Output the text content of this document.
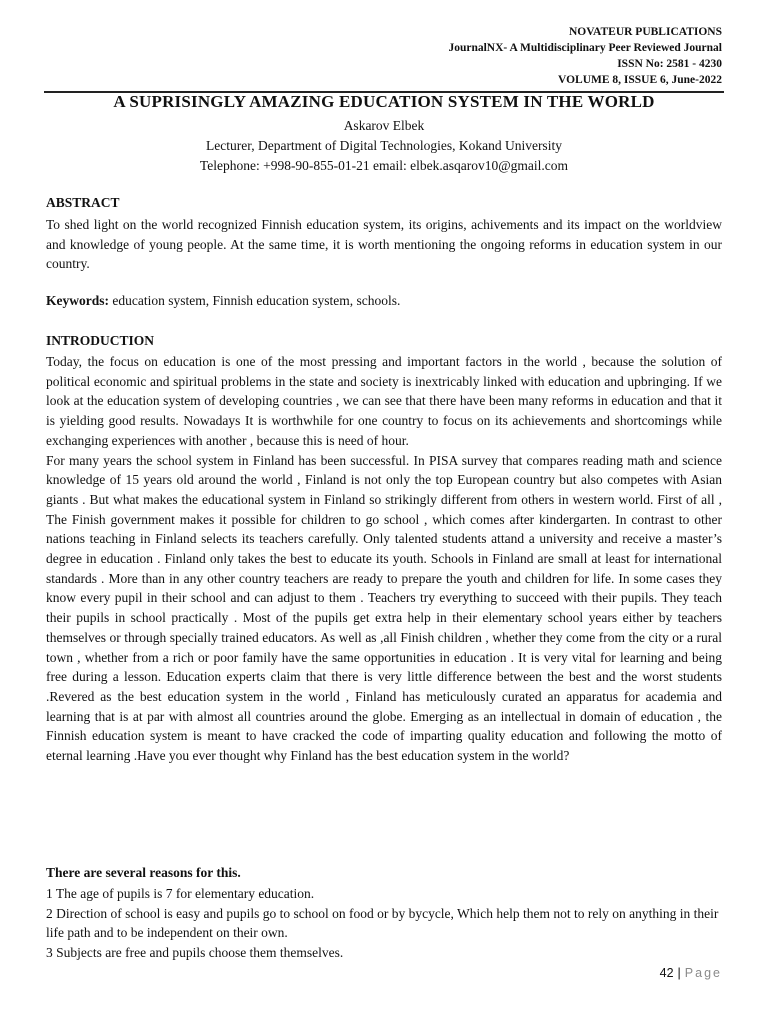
NOVATEUR PUBLICATIONS
JournalNX- A Multidisciplinary Peer Reviewed Journal
ISSN No: 2581 - 4230
VOLUME 8, ISSUE 6, June-2022
A SUPRISINGLY AMAZING EDUCATION SYSTEM IN THE WORLD
Askarov Elbek
Lecturer, Department of Digital Technologies, Kokand University
Telephone: +998-90-855-01-21 email: elbek.asqarov10@gmail.com
ABSTRACT

To shed light on the world recognized Finnish education system, its origins, achivements and its impact on the worldview and knowledge of young people. At the same time, it is worth mentioning the ongoing reforms in education system in our country.

Keywords: education system, Finnish education system, schools.
INTRODUCTION

Today, the focus on education is one of the most pressing and important factors in the world , because the solution of political economic and spiritual problems in the state and society is inextricably linked with education and upbringing. If we look at the education system of developing countries , we can see that there have been many reforms in education and that it is yielding good results. Nowadays It is worthwhile for one country to focus on its achievements and shortcomings while exchanging experiences with another , because this is need of hour.

For many years the school system in Finland has been successful. In PISA survey that compares reading math and science knowledge of 15 years old around the world , Finland is not only the top European country but also competes with Asian giants . But what makes the educational system in Finland so strikingly different from others in western world. First of all , The Finish government makes it possible for children to go school , which comes after kindergarten. In contrast to other nations teaching in Finland selects its teachers carefully. Only talented students attand a university and receive a master’s degree in education . Finland only takes the best to educate its youth. Schools in Finland are small at least for international standards . More than in any other country teachers are ready to prepare the youth and children for life. In some cases they know every pupil in their school and can adjust to them . Teachers try everything to succeed with their pupils. They teach their pupils in school practically . Most of the pupils get extra help in their elementary school years either by teachers themselves or through specially trained educators. As well as ,all Finish children , whether they come from the city or a rural town , whether from a rich or poor family have the same opportunities in education . It is very vital for learning and being free during a lesson. Education experts claim that there is very little difference between the best and the worst students .Revered as the best education system in the world , Finland has meticulously curated an apparatus for academia and learning that is at par with almost all countries around the globe. Emerging as an intellectual in domain of education , the Finnish education system is meant to have cracked the code of imparting quality education and following the motto of eternal learning .Have you ever thought why Finland has the best education system in the world?

There are several reasons for this.

1 The age of pupils is 7 for elementary education.

2 Direction of school is easy and pupils go to school on food or by bycycle, Which help them not to rely on anything in their life path and to be independent on their own.

3 Subjects are free and pupils choose them themselves.

42 | Page
